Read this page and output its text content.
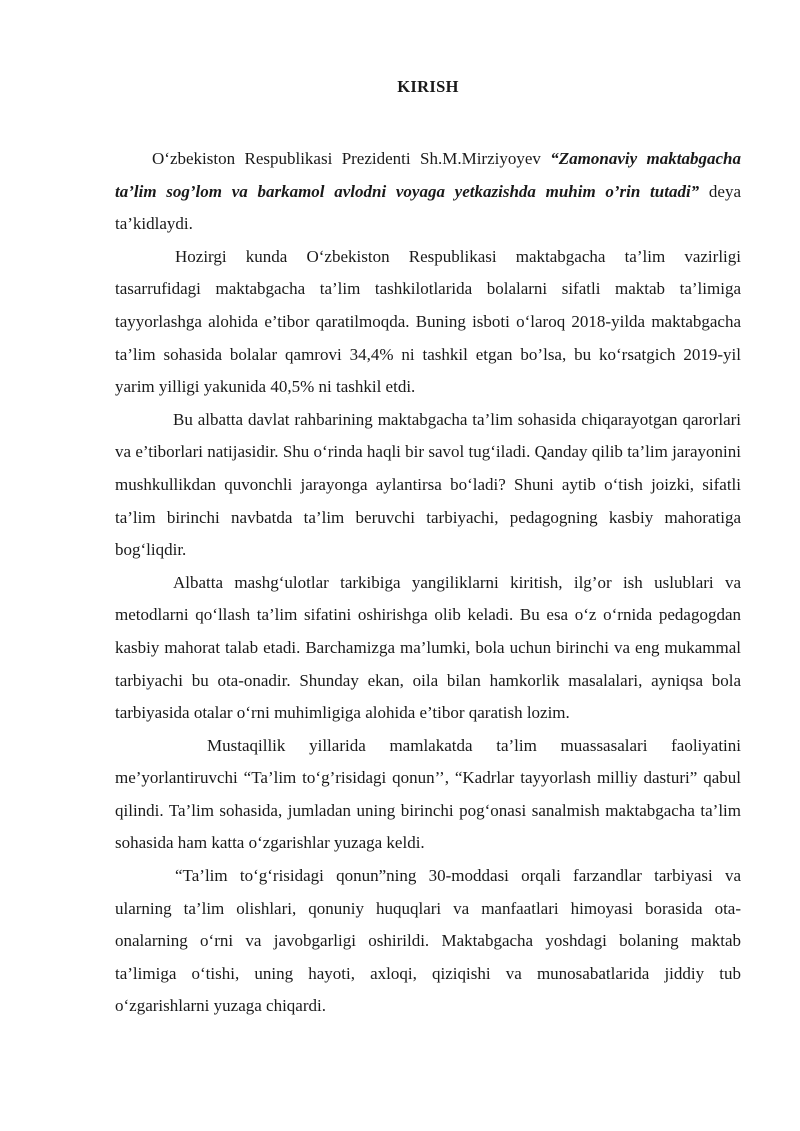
KIRISH

O‘zbekiston Respublikasi Prezidenti Sh.M.Mirziyoyev “Zamonaviy maktabgacha ta’lim sog’lom va barkamol avlodni voyaga yetkazishda muhim o’rin tutadi” deya ta’kidlaydi.

Hozirgi kunda O‘zbekiston Respublikasi maktabgacha ta’lim vazirligi tasarrufidagi maktabgacha ta’lim tashkilotlarida bolalarni sifatli maktab ta’limiga tayyorlashga alohida e’tibor qaratilmoqda. Buning isboti o‘laroq 2018-yilda maktabgacha ta’lim sohasida bolalar qamrovi 34,4% ni tashkil etgan bo’lsa, bu ko‘rsatgich 2019-yil yarim yilligi yakunida 40,5% ni tashkil etdi.

Bu albatta davlat rahbarining maktabgacha ta’lim sohasida chiqarayotgan qarorlari va e’tiborlari natijasidir. Shu o‘rinda haqli bir savol tug‘iladi. Qanday qilib ta’lim jarayonini mushkullikdan quvonchli jarayonga aylantirsa bo‘ladi? Shuni aytib o‘tish joizki, sifatli ta’lim birinchi navbatda ta’lim beruvchi tarbiyachi, pedagogning kasbiy mahoratiga bog‘liqdir.

Albatta mashg‘ulotlar tarkibiga yangiliklarni kiritish, ilg’or ish uslublari va metodlarni qo‘llash ta’lim sifatini oshirishga olib keladi. Bu esa o‘z o‘rnida pedagogdan kasbiy mahorat talab etadi. Barchamizga ma’lumki, bola uchun birinchi va eng mukammal tarbiyachi bu ota-onadir. Shunday ekan, oila bilan hamkorlik masalalari, ayniqsa bola tarbiyasida otalar o‘rni muhimligiga alohida e’tibor qaratish lozim.

Mustaqillik yillarida mamlakatda ta’lim muassasalari faoliyatini me’yorlantiruvchi “Ta’lim to‘g’risidagi qonun’’, “Kadrlar tayyorlash milliy dasturi” qabul qilindi. Ta’lim sohasida, jumladan uning birinchi pog‘onasi sanalmish maktabgacha ta’lim sohasida ham katta o‘zgarishlar yuzaga keldi.

“Ta’lim to‘g‘risidagi qonun”ning 30-moddasi orqali farzandlar tarbiyasi va ularning ta’lim olishlari, qonuniy huquqlari va manfaatlari himoyasi borasida ota-onalarning o‘rni va javobgarligi oshirildi. Maktabgacha yoshdagi bolaning maktab ta’limiga o‘tishi, uning hayoti, axloqi, qiziqishi va munosabatlarida jiddiy tub o‘zgarishlarni yuzaga chiqardi.
